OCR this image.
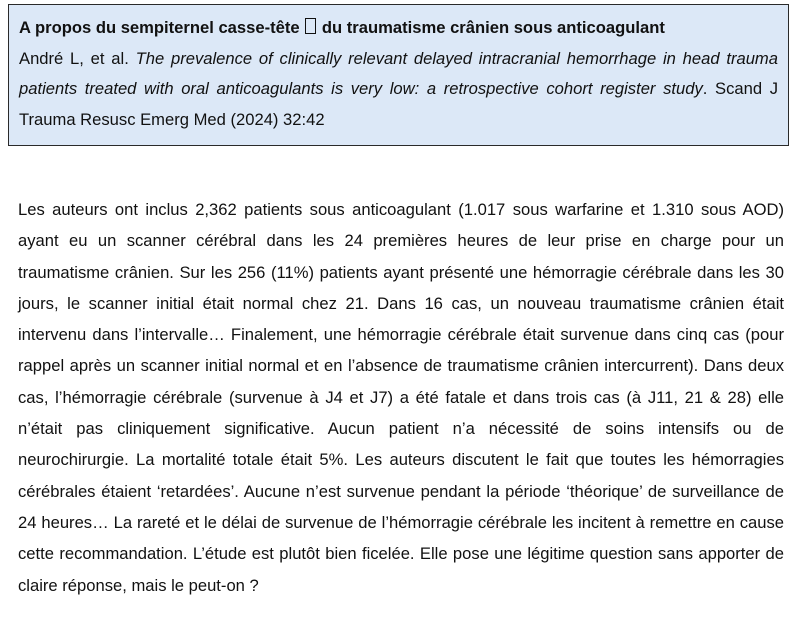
A propos du sempiternel casse-tête du traumatisme crânien sous anticoagulant
André L, et al. The prevalence of clinically relevant delayed intracranial hemorrhage in head trauma patients treated with oral anticoagulants is very low: a retrospective cohort register study. Scand J Trauma Resusc Emerg Med (2024) 32:42

Les auteurs ont inclus 2,362 patients sous anticoagulant (1.017 sous warfarine et 1.310 sous AOD) ayant eu un scanner cérébral dans les 24 premières heures de leur prise en charge pour un traumatisme crânien. Sur les 256 (11%) patients ayant présenté une hémorragie cérébrale dans les 30 jours, le scanner initial était normal chez 21. Dans 16 cas, un nouveau traumatisme crânien était intervenu dans l’intervalle… Finalement, une hémorragie cérébrale était survenue dans cinq cas (pour rappel après un scanner initial normal et en l’absence de traumatisme crânien intercurrent). Dans deux cas, l’hémorragie cérébrale (survenue à J4 et J7) a été fatale et dans trois cas (à J11, 21 & 28) elle n’était pas cliniquement significative. Aucun patient n’a nécessité de soins intensifs ou de neurochirurgie. La mortalité totale était 5%. Les auteurs discutent le fait que toutes les hémorragies cérébrales étaient ‘retardées’. Aucune n’est survenue pendant la période ‘théorique’ de surveillance de 24 heures… La rareté et le délai de survenue de l’hémorragie cérébrale les incitent à remettre en cause cette recommandation. L’étude est plutôt bien ficelée. Elle pose une légitime question sans apporter de claire réponse, mais le peut-on ?
